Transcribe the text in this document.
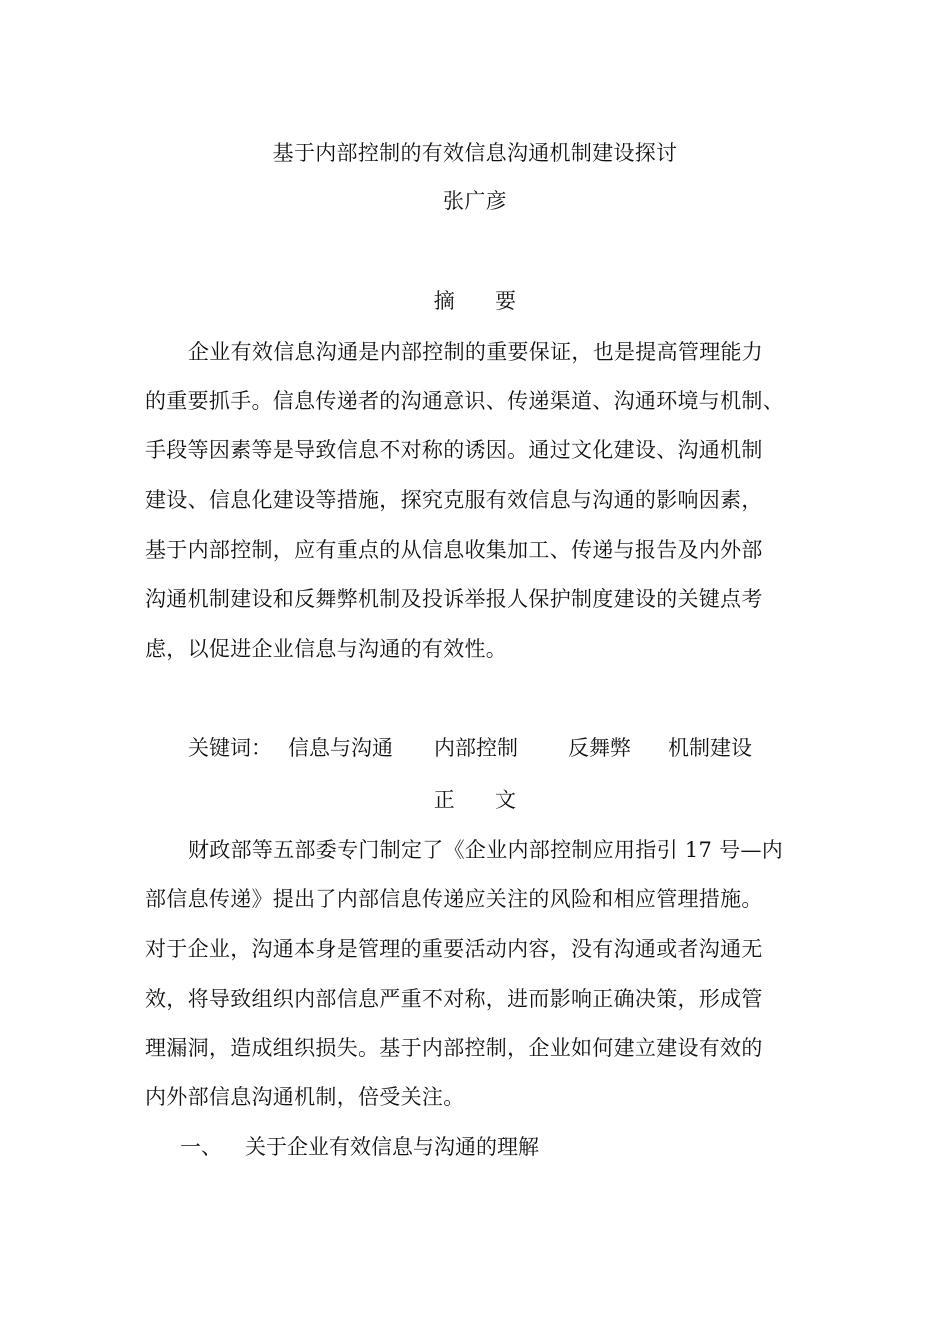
基于内部控制的有效信息沟通机制建设探讨
张广彦
摘 要
企业有效信息沟通是内部控制的重要保证，也是提高管理能力
的重要抓手。信息传递者的沟通意识、传递渠道、沟通环境与机制、
手段等因素等是导致信息不对称的诱因。通过文化建设、沟通机制
建设、信息化建设等措施，探究克服有效信息与沟通的影响因素，
基于内部控制，应有重点的从信息收集加工、传递与报告及内外部
沟通机制建设和反舞弊机制及投诉举报人保护制度建设的关键点考
虑，以促进企业信息与沟通的有效性。
关键词： 信息与沟通 内部控制 反舞弊 机制建设
正 文
财政部等五部委专门制定了《企业内部控制应用指引 17 号—内
部信息传递》提出了内部信息传递应关注的风险和相应管理措施。
对于企业，沟通本身是管理的重要活动内容，没有沟通或者沟通无
效，将导致组织内部信息严重不对称，进而影响正确决策，形成管
理漏洞，造成组织损失。基于内部控制，企业如何建立建设有效的
内外部信息沟通机制，倍受关注。
一、 关于企业有效信息与沟通的理解
